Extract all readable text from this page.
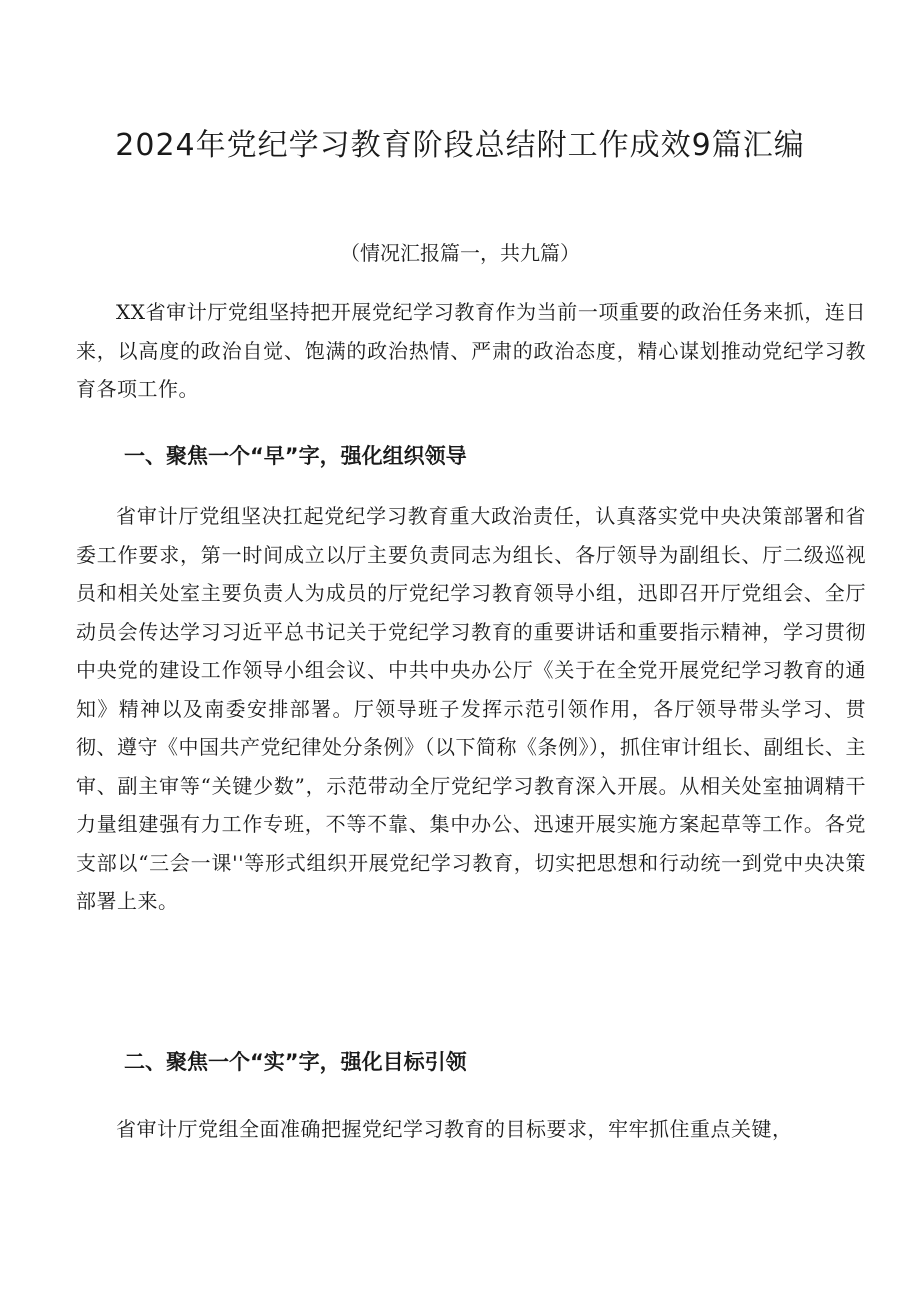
2024年党纪学习教育阶段总结附工作成效9篇汇编
（情况汇报篇一，共九篇）

XX省审计厅党组坚持把开展党纪学习教育作为当前一项重要的政治任务来抓，连日来，以高度的政治自觉、饱满的政治热情、严肃的政治态度，精心谋划推动党纪学习教育各项工作。

一、聚焦一个“早”字，强化组织领导

省审计厅党组坚决扛起党纪学习教育重大政治责任，认真落实党中央决策部署和省委工作要求，第一时间成立以厅主要负责同志为组长、各厅领导为副组长、厅二级巡视员和相关处室主要负责人为成员的厅党纪学习教育领导小组，迅即召开厅党组会、全厅动员会传达学习习近平总书记关于党纪学习教育的重要讲话和重要指示精神，学习贯彻中央党的建设工作领导小组会议、中共中央办公厅《关于在全党开展党纪学习教育的通知》精神以及南委安排部署。厅领导班子发挥示范引领作用，各厅领导带头学习、贯彻、遵守《中国共产党纪律处分条例》（以下简称《条例》），抓住审计组长、副组长、主审、副主审等“关键少数”，示范带动全厅党纪学习教育深入开展。从相关处室抽调精干力量组建强有力工作专班，不等不靠、集中办公、迅速开展实施方案起草等工作。各党支部以“三会一课''等形式组织开展党纪学习教育，切实把思想和行动统一到党中央决策部署上来。

二、聚焦一个“实”字，强化目标引领

省审计厅党组全面准确把握党纪学习教育的目标要求，牢牢抓住重点关键，
